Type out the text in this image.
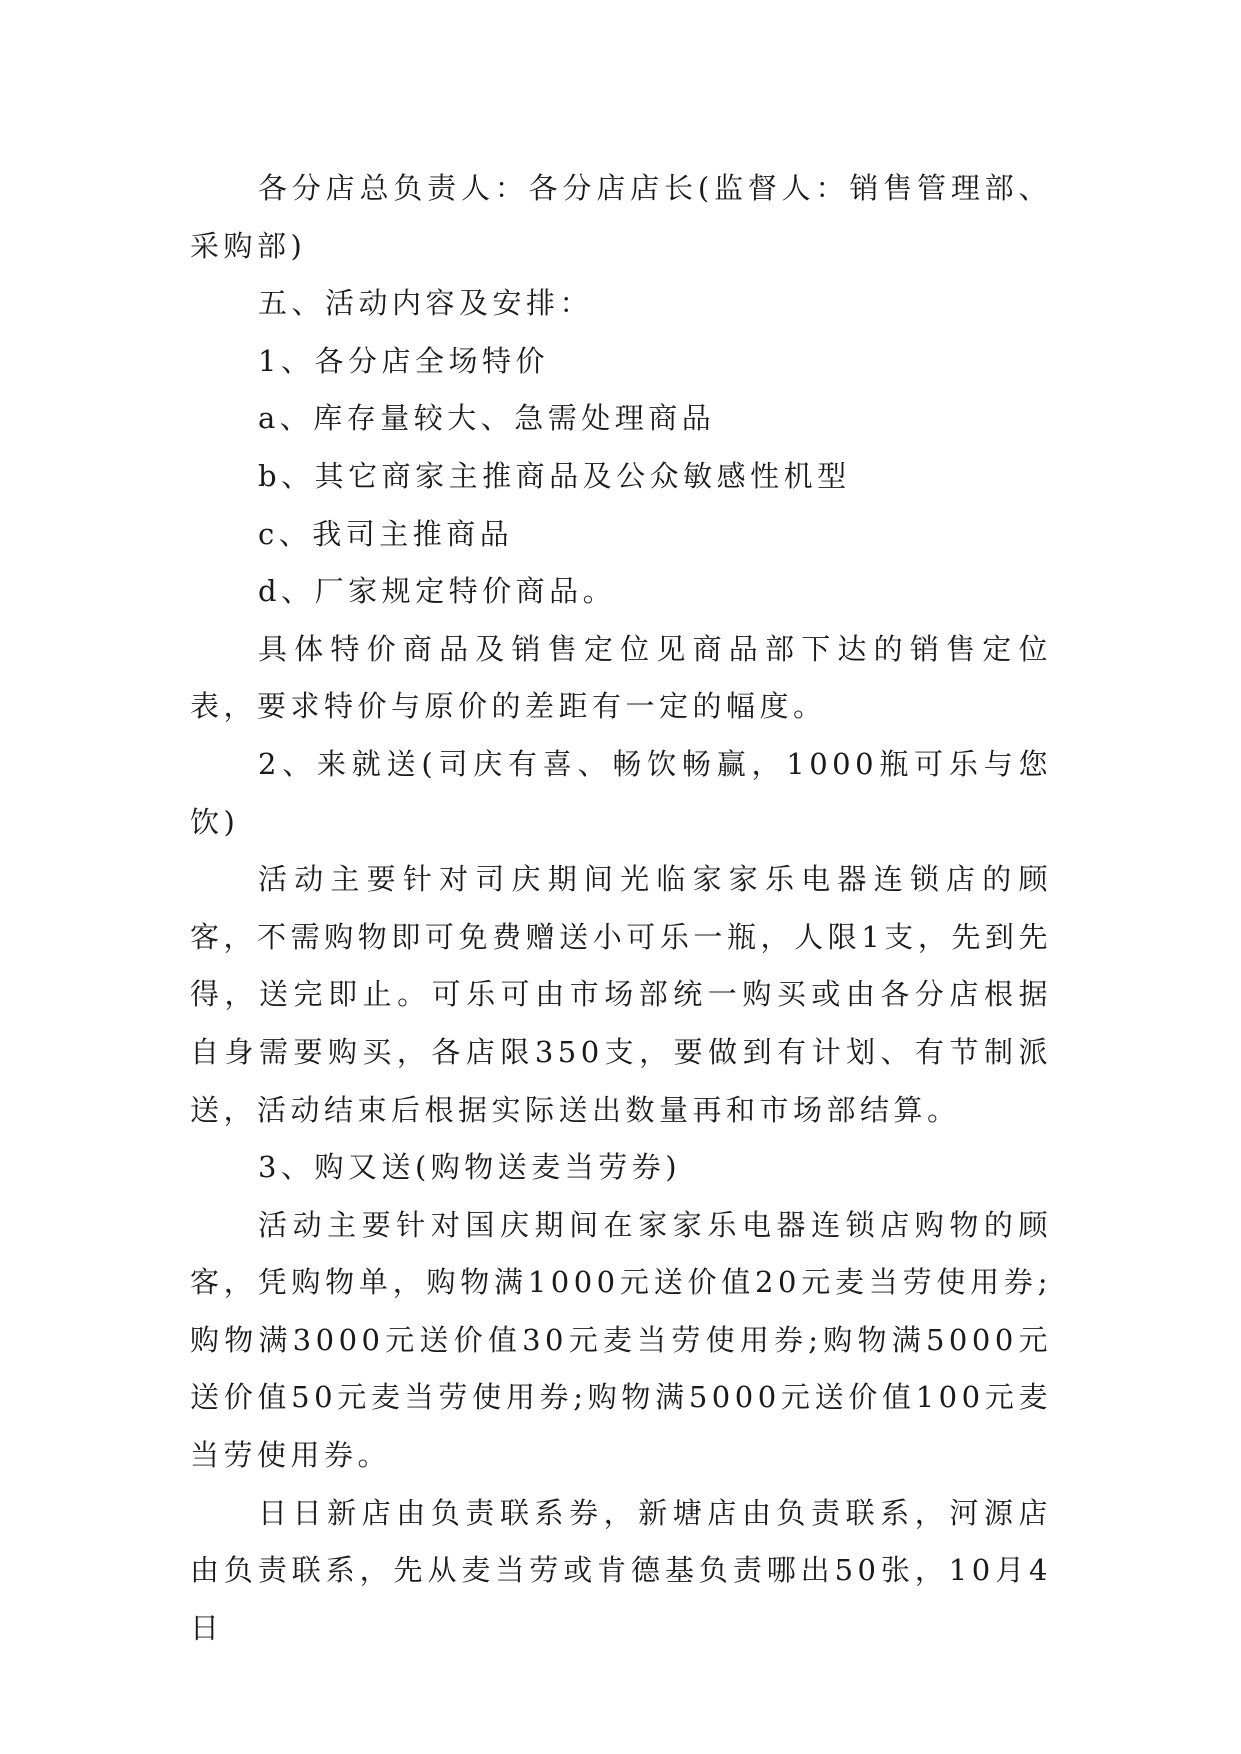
各分店总负责人：各分店店长(监督人：销售管理部、采购部)

五、活动内容及安排：

1、各分店全场特价

a、库存量较大、急需处理商品

b、其它商家主推商品及公众敏感性机型

c、我司主推商品

d、厂家规定特价商品。

具体特价商品及销售定位见商品部下达的销售定位表，要求特价与原价的差距有一定的幅度。

2、来就送(司庆有喜、畅饮畅赢，1000瓶可乐与您饮)

活动主要针对司庆期间光临家家乐电器连锁店的顾客，不需购物即可免费赠送小可乐一瓶，人限1支，先到先得，送完即止。可乐可由市场部统一购买或由各分店根据自身需要购买，各店限350支，要做到有计划、有节制派送，活动结束后根据实际送出数量再和市场部结算。

3、购又送(购物送麦当劳券)

活动主要针对国庆期间在家家乐电器连锁店购物的顾客，凭购物单，购物满1000元送价值20元麦当劳使用券;购物满3000元送价值30元麦当劳使用券;购物满5000元送价值50元麦当劳使用券;购物满5000元送价值100元麦当劳使用券。

日日新店由负责联系券，新塘店由负责联系，河源店由负责联系，先从麦当劳或肯德基负责哪出50张，10月4日
